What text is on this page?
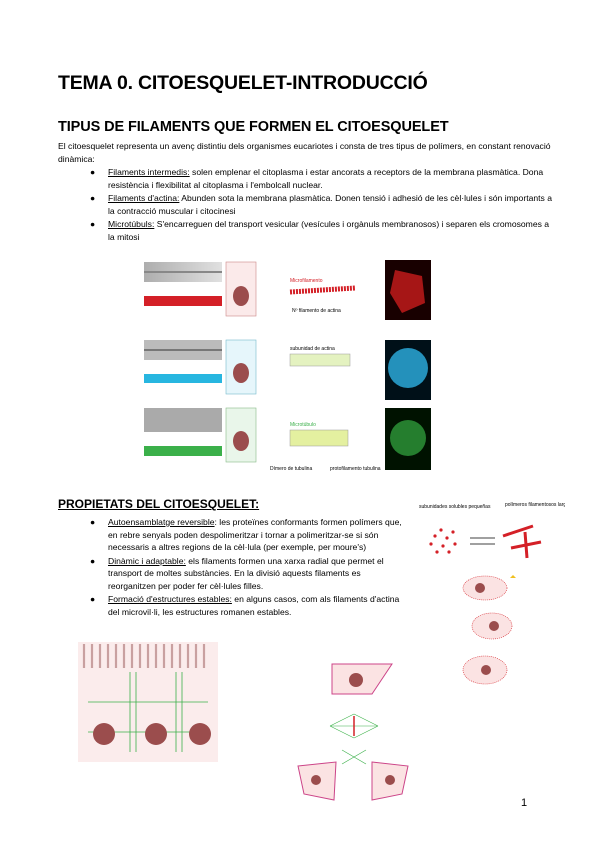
TEMA 0. CITOESQUELET-INTRODUCCIÓ
TIPUS DE FILAMENTS QUE FORMEN EL CITOESQUELET
El citoesquelet representa un avenç distintiu dels organismes eucariotes i consta de tres tipus de polímers, en constant renovació dinàmica:
● Filaments intermedis: solen emplenar el citoplasma i estar ancorats a receptors de la membrana plasmàtica. Dona resistència i flexibilitat al citoplasma i l'embolcall nuclear.
● Filaments d'actina: Abunden sota la membrana plasmàtica. Donen tensió i adhesió de les cèl·lules i són importants a la contracció muscular i citocinesi
● Microtúbuls: S'encarreguen del transport vesicular (vesícules i orgànuls membranosos) i separen els cromosomes a la mitosi
Microfilamento
Nº filamento de actina
subunidad de actina
Microtúbulo
Dímero de tubulina	protofilamento tubulina
PROPIETATS DEL CITOESQUELET:
● Autoensamblatge reversible: les proteïnes conformants formen polímers que, en rebre senyals poden despolimeritzar i tornar a polimeritzar-se si són necessaris a altres regions de la cèl·lula (per exemple, per moure's)
● Dinàmic i adaptable: els filaments formen una xarxa radial que permet el transport de moltes substàncies. En la divisió aquests filaments es reorganitzen per poder fer cèl·lules filles.
● Formació d'estructures estables: en alguns casos, com als filaments d'actina del microvil·li, les estructures romanen estables.
subunidades solubles pequeñas	polímeros filamentosos largos
1
